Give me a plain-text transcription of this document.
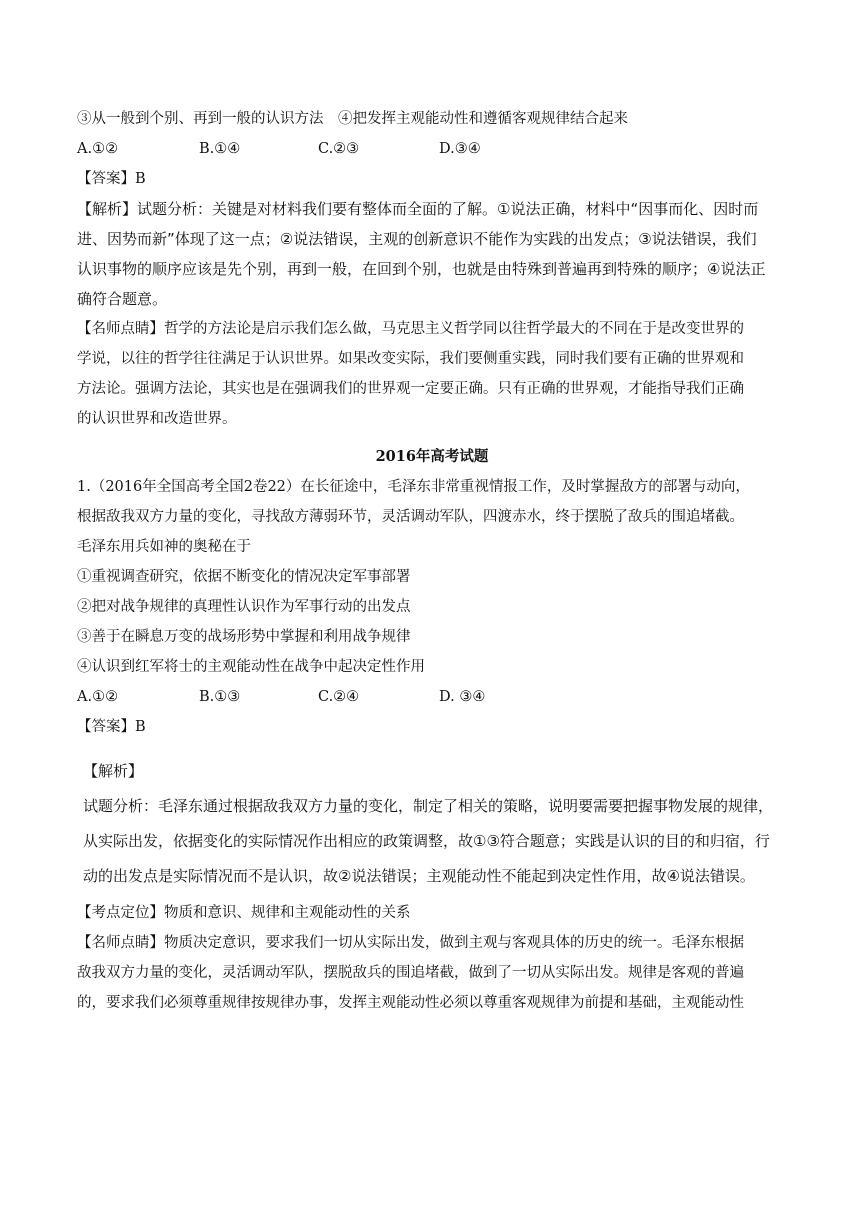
③从一般到个别、再到一般的认识方法　④把发挥主观能动性和遵循客观规律结合起来

A.①②	B.①④	C.②③	D.③④

【答案】B

【解析】试题分析：关键是对材料我们要有整体而全面的了解。①说法正确，材料中“因事而化、因时而

进、因势而新”体现了这一点；②说法错误，主观的创新意识不能作为实践的出发点；③说法错误，我们

认识事物的顺序应该是先个别，再到一般，在回到个别，也就是由特殊到普遍再到特殊的顺序；④说法正

确符合题意。

【名师点睛】哲学的方法论是启示我们怎么做，马克思主义哲学同以往哲学最大的不同在于是改变世界的

学说，以往的哲学往往满足于认识世界。如果改变实际，我们要侧重实践，同时我们要有正确的世界观和

方法论。强调方法论，其实也是在强调我们的世界观一定要正确。只有正确的世界观，才能指导我们正确

的认识世界和改造世界。

2016年高考试题

1.（2016年全国高考全国2卷22）在长征途中，毛泽东非常重视情报工作，及时掌握敌方的部署与动向，

根据敌我双方力量的变化，寻找敌方薄弱环节，灵活调动军队，四渡赤水，终于摆脱了敌兵的围追堵截。

毛泽东用兵如神的奥秘在于

①重视调查研究，依据不断变化的情况决定军事部署

②把对战争规律的真理性认识作为军事行动的出发点

③善于在瞬息万变的战场形势中掌握和利用战争规律

④认识到红军将士的主观能动性在战争中起决定性作用

A.①②	B.①③	C.②④	D. ③④

【答案】B

【解析】

试题分析：毛泽东通过根据敌我双方力量的变化，制定了相关的策略，说明要需要把握事物发展的规律，

从实际出发，依据变化的实际情况作出相应的政策调整，故①③符合题意；实践是认识的目的和归宿，行

动的出发点是实际情况而不是认识，故②说法错误；主观能动性不能起到决定性作用，故④说法错误。

【考点定位】物质和意识、规律和主观能动性的关系

【名师点睛】物质决定意识，要求我们一切从实际出发，做到主观与客观具体的历史的统一。毛泽东根据

敌我双方力量的变化，灵活调动军队，摆脱敌兵的围追堵截，做到了一切从实际出发。规律是客观的普遍

的，要求我们必须尊重规律按规律办事，发挥主观能动性必须以尊重客观规律为前提和基础，主观能动性
